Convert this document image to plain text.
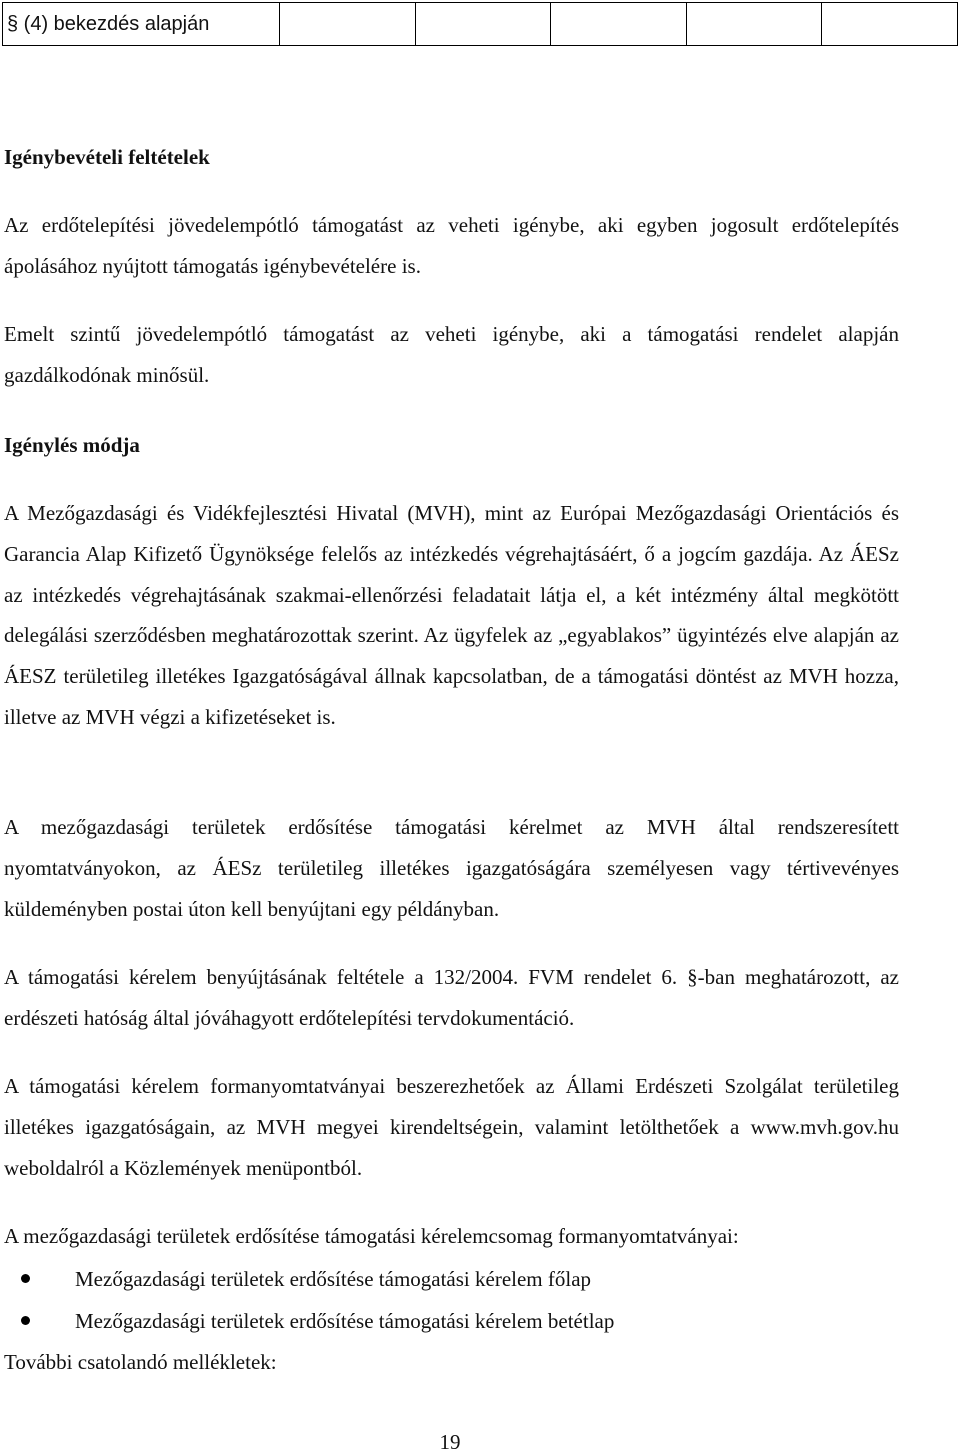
§ (4) bekezdés alapján					
Igénybevételi feltételek

Az erdőtelepítési jövedelempótló támogatást az veheti igénybe, aki egyben jogosult erdőtelepítés ápolásához nyújtott támogatás igénybevételére is.

Emelt szintű jövedelempótló támogatást az veheti igénybe, aki a támogatási rendelet alapján gazdálkodónak minősül.

Igénylés módja

A Mezőgazdasági és Vidékfejlesztési Hivatal (MVH), mint az Európai Mezőgazdasági Orientációs és Garancia Alap Kifizető Ügynöksége felelős az intézkedés végrehajtásáért, ő a jogcím gazdája. Az ÁESz az intézkedés végrehajtásának szakmai-ellenőrzési feladatait látja el, a két intézmény által megkötött delegálási szerződésben meghatározottak szerint. Az ügyfelek az „egyablakos” ügyintézés elve alapján az ÁESZ területileg illetékes Igazgatóságával állnak kapcsolatban, de a támogatási döntést az MVH hozza, illetve az MVH végzi a kifizetéseket is.

A mezőgazdasági területek erdősítése támogatási kérelmet az MVH által rendszeresített nyomtatványokon, az ÁESz területileg illetékes igazgatóságára személyesen vagy tértivevényes küldeményben postai úton kell benyújtani egy példányban.

A támogatási kérelem benyújtásának feltétele a 132/2004. FVM rendelet 6. §-ban meghatározott, az erdészeti hatóság által jóváhagyott erdőtelepítési tervdokumentáció.

A támogatási kérelem formanyomtatványai beszerezhetőek az Állami Erdészeti Szolgálat területileg illetékes igazgatóságain, az MVH megyei kirendeltségein, valamint letölthetőek a www.mvh.gov.hu weboldalról a Közlemények menüpontból.

A mezőgazdasági területek erdősítése támogatási kérelemcsomag formanyomtatványai:

Mezőgazdasági területek erdősítése támogatási kérelem főlap
Mezőgazdasági területek erdősítése támogatási kérelem betétlap

További csatolandó mellékletek:

19
